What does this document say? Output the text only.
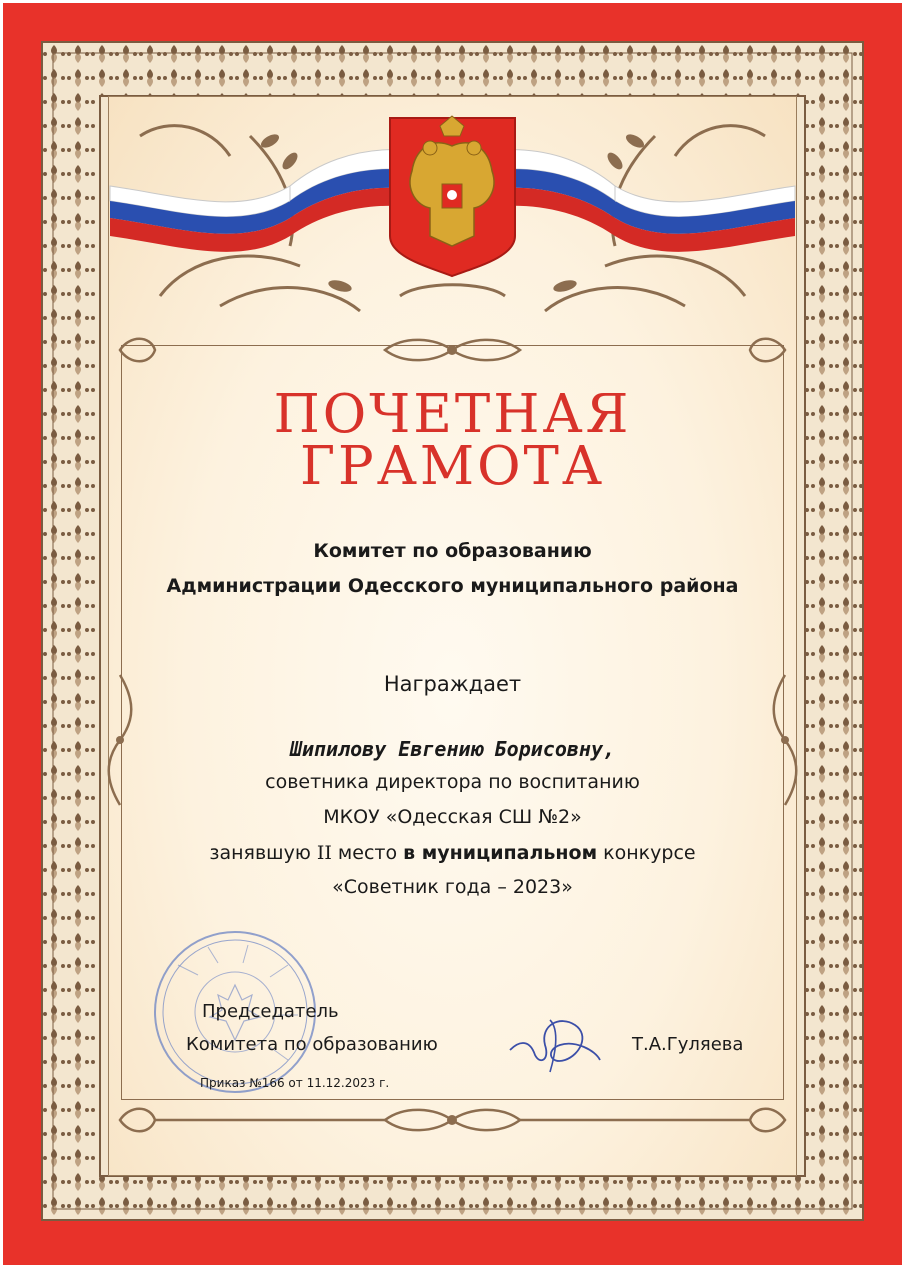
ПОЧЕТНАЯ
ГРАМОТА
Комитет по образованию
Администрации Одесского муниципального района
Награждает
Шипилову Евгению Борисовну,
советника директора по воспитанию
МКОУ «Одесская СШ №2»
занявшую II место в муниципальном конкурсе
«Советник года – 2023»
Председатель
Комитета по образованию	Т.А.Гуляева
Приказ №166 от 11.12.2023 г.
